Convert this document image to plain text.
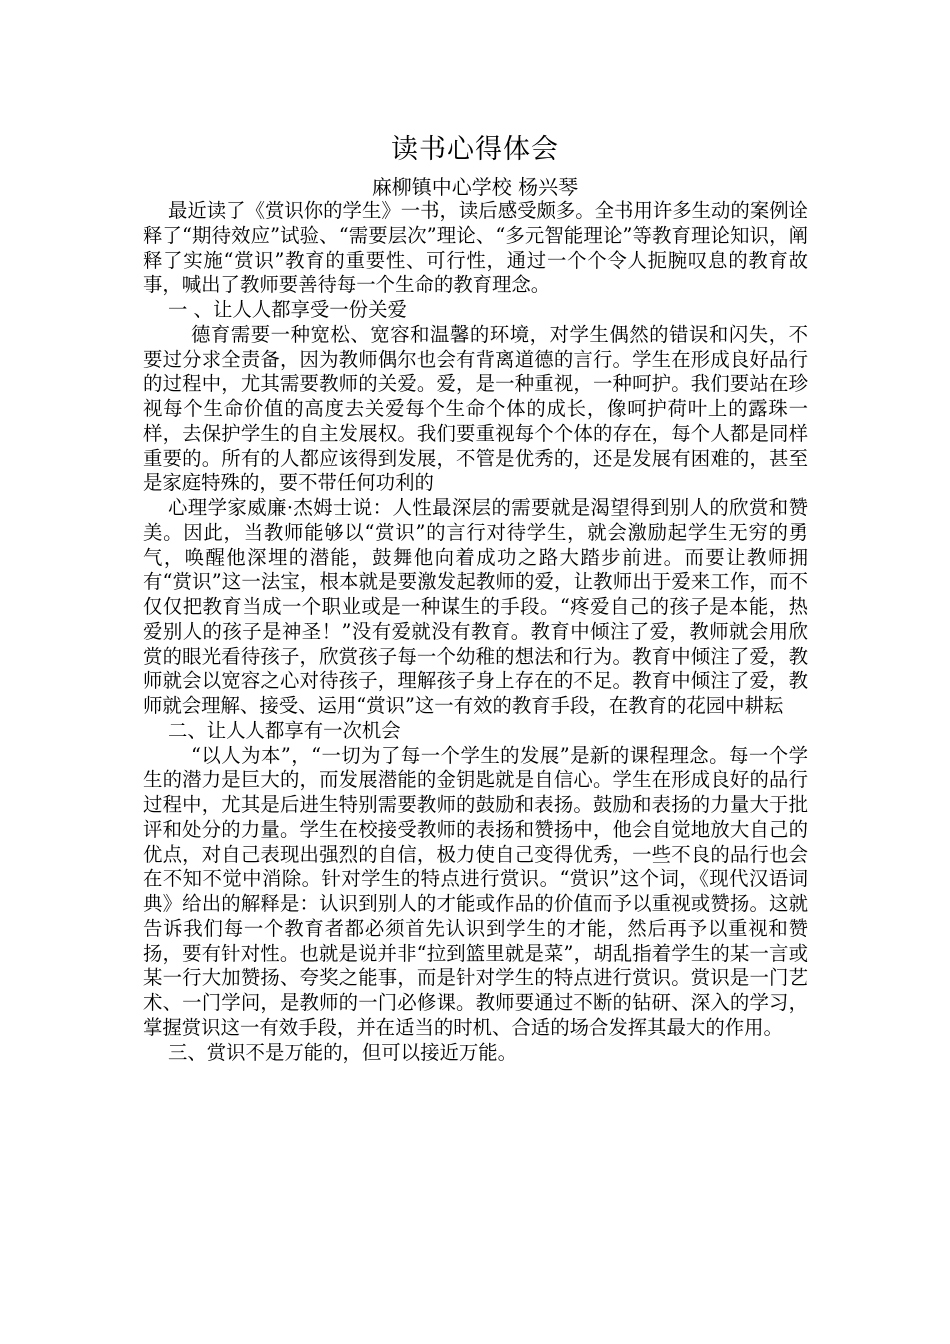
读书心得体会
麻柳镇中心学校 杨兴琴

最近读了《赏识你的学生》一书，读后感受颇多。全书用许多生动的案例诠释了“期待效应”试验、“需要层次”理论、“多元智能理论”等教育理论知识，阐释了实施“赏识”教育的重要性、可行性，通过一个个令人扼腕叹息的教育故事，喊出了教师要善待每一个生命的教育理念。

一 、让人人都享受一份关爱

德育需要一种宽松、宽容和温馨的环境，对学生偶然的错误和闪失，不要过分求全责备，因为教师偶尔也会有背离道德的言行。学生在形成良好品行的过程中，尤其需要教师的关爱。爱，是一种重视，一种呵护。我们要站在珍视每个生命价值的高度去关爱每个生命个体的成长，像呵护荷叶上的露珠一样，去保护学生的自主发展权。我们要重视每个个体的存在，每个人都是同样重要的。所有的人都应该得到发展，不管是优秀的，还是发展有困难的，甚至是家庭特殊的，要不带任何功利的

心理学家威廉·杰姆士说：人性最深层的需要就是渴望得到别人的欣赏和赞美。因此，当教师能够以“赏识”的言行对待学生，就会激励起学生无穷的勇气，唤醒他深埋的潜能，鼓舞他向着成功之路大踏步前进。而要让教师拥有“赏识”这一法宝，根本就是要激发起教师的爱，让教师出于爱来工作，而不仅仅把教育当成一个职业或是一种谋生的手段。“疼爱自己的孩子是本能，热爱别人的孩子是神圣！”没有爱就没有教育。教育中倾注了爱，教师就会用欣赏的眼光看待孩子，欣赏孩子每一个幼稚的想法和行为。教育中倾注了爱，教师就会以宽容之心对待孩子，理解孩子身上存在的不足。教育中倾注了爱，教师就会理解、接受、运用“赏识”这一有效的教育手段，在教育的花园中耕耘

二、让人人都享有一次机会

“以人为本”，“一切为了每一个学生的发展”是新的课程理念。每一个学生的潜力是巨大的，而发展潜能的金钥匙就是自信心。学生在形成良好的品行过程中，尤其是后进生特别需要教师的鼓励和表扬。鼓励和表扬的力量大于批评和处分的力量。学生在校接受教师的表扬和赞扬中，他会自觉地放大自己的优点，对自己表现出强烈的自信，极力使自己变得优秀，一些不良的品行也会在不知不觉中消除。针对学生的特点进行赏识。“赏识”这个词，《现代汉语词典》给出的解释是：认识到别人的才能或作品的价值而予以重视或赞扬。这就告诉我们每一个教育者都必须首先认识到学生的才能，然后再予以重视和赞扬，要有针对性。也就是说并非“拉到篮里就是菜”，胡乱指着学生的某一言或某一行大加赞扬、夸奖之能事，而是针对学生的特点进行赏识。赏识是一门艺术、一门学问，是教师的一门必修课。教师要通过不断的钻研、深入的学习，掌握赏识这一有效手段，并在适当的时机、合适的场合发挥其最大的作用。

三、赏识不是万能的，但可以接近万能。
